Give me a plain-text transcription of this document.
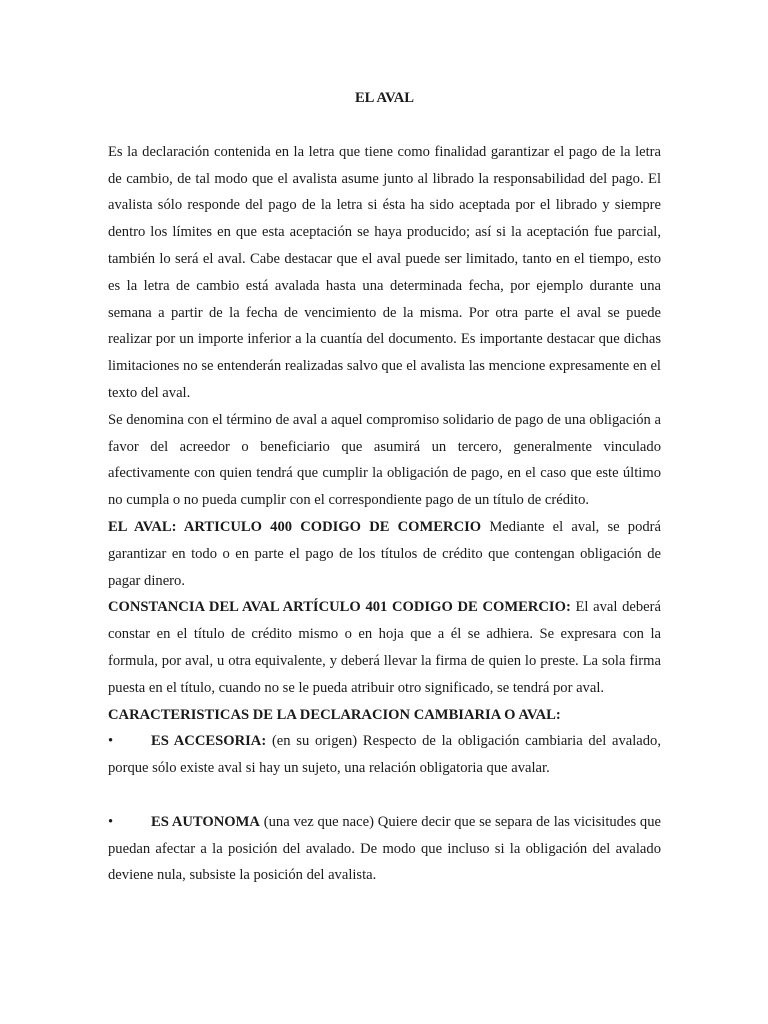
EL AVAL

Es la declaración contenida en la letra que tiene como finalidad garantizar el pago de la letra de cambio, de tal modo que el avalista asume junto al librado la responsabilidad del pago. El avalista sólo responde del pago de la letra si ésta ha sido aceptada por el librado y siempre dentro los límites en que esta aceptación se haya producido; así si la aceptación fue parcial, también lo será el aval. Cabe destacar que el aval puede ser limitado, tanto en el tiempo, esto es la letra de cambio está avalada hasta una determinada fecha, por ejemplo durante una semana a partir de la fecha de vencimiento de la misma. Por otra parte el aval se puede realizar por un importe inferior a la cuantía del documento. Es importante destacar que dichas limitaciones no se entenderán realizadas salvo que el avalista las mencione expresamente en el texto del aval.

Se denomina con el término de aval a aquel compromiso solidario de pago de una obligación a favor del acreedor o beneficiario que asumirá un tercero, generalmente vinculado afectivamente con quien tendrá que cumplir la obligación de pago, en el caso que este último no cumpla o no pueda cumplir con el correspondiente pago de un título de crédito.

EL AVAL: ARTICULO 400 CODIGO DE COMERCIO Mediante el aval, se podrá garantizar en todo o en parte el pago de los títulos de crédito que contengan obligación de pagar dinero.

CONSTANCIA DEL AVAL ARTÍCULO 401 CODIGO DE COMERCIO: El aval deberá constar en el título de crédito mismo o en hoja que a él se adhiera. Se expresara con la formula, por aval, u otra equivalente, y deberá llevar la firma de quien lo preste. La sola firma puesta en el título, cuando no se le pueda atribuir otro significado, se tendrá por aval.

CARACTERISTICAS DE LA DECLARACION CAMBIARIA O AVAL:

•	ES ACCESORIA: (en su origen) Respecto de la obligación cambiaria del avalado, porque sólo existe aval si hay un sujeto, una relación obligatoria que avalar.

•	ES AUTONOMA (una vez que nace) Quiere decir que se separa de las vicisitudes que puedan afectar a la posición del avalado. De modo que incluso si la obligación del avalado deviene nula, subsiste la posición del avalista.
